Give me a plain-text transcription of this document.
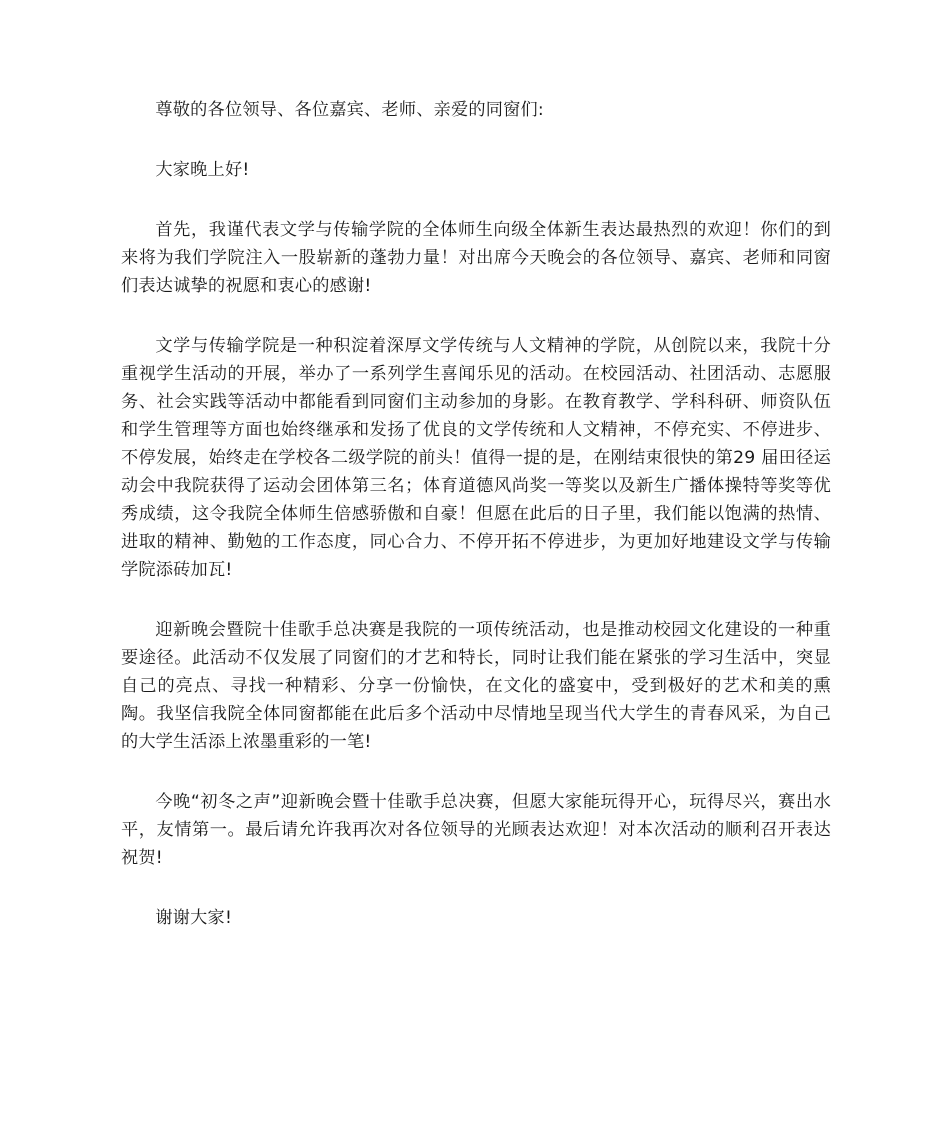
尊敬的各位领导、各位嘉宾、老师、亲爱的同窗们:

大家晚上好!

首先，我谨代表文学与传输学院的全体师生向级全体新生表达最热烈的欢迎！你们的到来将为我们学院注入一股崭新的蓬勃力量！对出席今天晚会的各位领导、嘉宾、老师和同窗们表达诚挚的祝愿和衷心的感谢!

文学与传输学院是一种积淀着深厚文学传统与人文精神的学院，从创院以来，我院十分重视学生活动的开展，举办了一系列学生喜闻乐见的活动。在校园活动、社团活动、志愿服务、社会实践等活动中都能看到同窗们主动参加的身影。在教育教学、学科科研、师资队伍和学生管理等方面也始终继承和发扬了优良的文学传统和人文精神，不停充实、不停进步、不停发展，始终走在学校各二级学院的前头！值得一提的是，在刚结束很快的第29 届田径运动会中我院获得了运动会团体第三名；体育道德风尚奖一等奖以及新生广播体操特等奖等优秀成绩，这令我院全体师生倍感骄傲和自豪！但愿在此后的日子里，我们能以饱满的热情、进取的精神、勤勉的工作态度，同心合力、不停开拓不停进步，为更加好地建设文学与传输学院添砖加瓦!

迎新晚会暨院十佳歌手总决赛是我院的一项传统活动，也是推动校园文化建设的一种重要途径。此活动不仅发展了同窗们的才艺和特长，同时让我们能在紧张的学习生活中，突显自己的亮点、寻找一种精彩、分享一份愉快，在文化的盛宴中，受到极好的艺术和美的熏陶。我坚信我院全体同窗都能在此后多个活动中尽情地呈现当代大学生的青春风采，为自己的大学生活添上浓墨重彩的一笔!

今晚“初冬之声”迎新晚会暨十佳歌手总决赛，但愿大家能玩得开心，玩得尽兴，赛出水平，友情第一。最后请允许我再次对各位领导的光顾表达欢迎！对本次活动的顺利召开表达祝贺!

谢谢大家!
